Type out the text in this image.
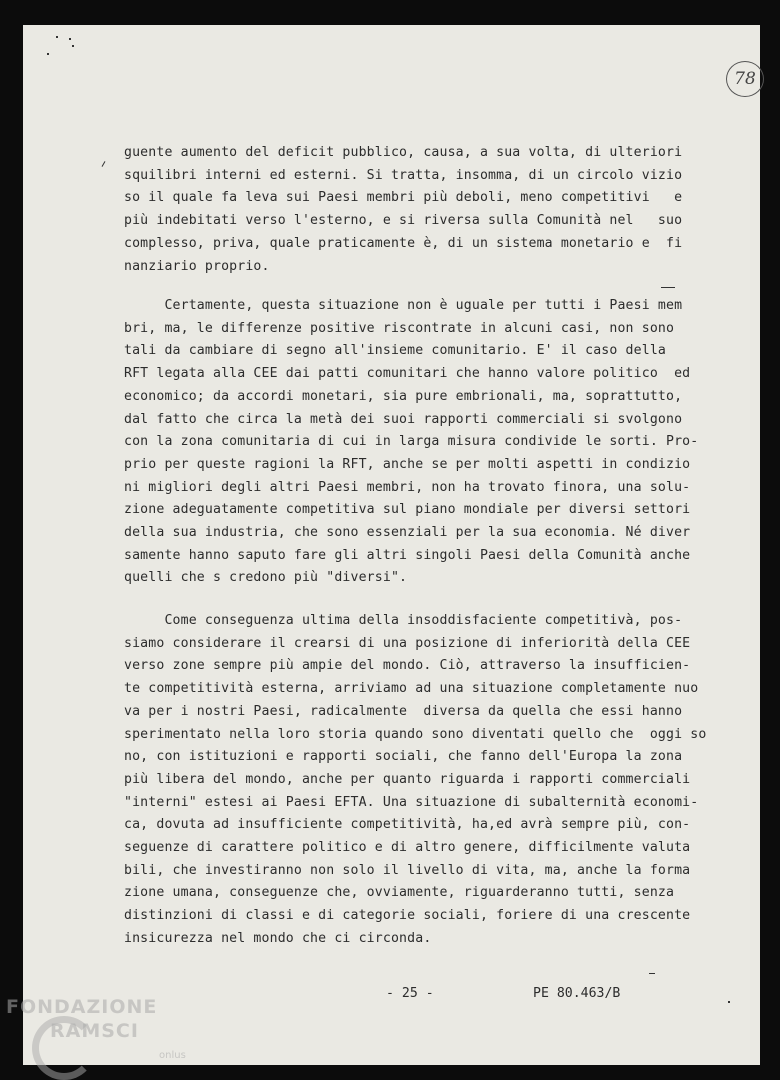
78
guente aumento del deficit pubblico, causa, a sua volta, di ulteriori
squilibri interni ed esterni. Si tratta, insomma, di un circolo vizio
so il quale fa leva sui Paesi membri più deboli, meno competitivi   e
più indebitati verso l'esterno, e si riversa sulla Comunità nel   suo
complesso, priva, quale praticamente è, di un sistema monetario e  fi
nanziario proprio.
Certamente, questa situazione non è uguale per tutti i Paesi mem
bri, ma, le differenze positive riscontrate in alcuni casi, non sono
tali da cambiare di segno all'insieme comunitario. E' il caso della
RFT legata alla CEE dai patti comunitari che hanno valore politico  ed
economico; da accordi monetari, sia pure embrionali, ma, soprattutto,
dal fatto che circa la metà dei suoi rapporti commerciali si svolgono
con la zona comunitaria di cui in larga misura condivide le sorti. Pro-
prio per queste ragioni la RFT, anche se per molti aspetti in condizio
ni migliori degli altri Paesi membri, non ha trovato finora, una solu-
zione adeguatamente competitiva sul piano mondiale per diversi settori
della sua industria, che sono essenziali per la sua economia. Né diver
samente hanno saputo fare gli altri singoli Paesi della Comunità anche
quelli che s credono più "diversi".
Come conseguenza ultima della insoddisfaciente competitivà, pos-
siamo considerare il crearsi di una posizione di inferiorità della CEE
verso zone sempre più ampie del mondo. Ciò, attraverso la insufficien-
te competitività esterna, arriviamo ad una situazione completamente nuo
va per i nostri Paesi, radicalmente  diversa da quella che essi hanno
sperimentato nella loro storia quando sono diventati quello che  oggi so
no, con istituzioni e rapporti sociali, che fanno dell'Europa la zona
più libera del mondo, anche per quanto riguarda i rapporti commerciali
"interni" estesi ai Paesi EFTA. Una situazione di subalternità economi-
ca, dovuta ad insufficiente competitività, ha,ed avrà sempre più, con-
seguenze di carattere politico e di altro genere, difficilmente valuta
bili, che investiranno non solo il livello di vita, ma, anche la forma
zione umana, conseguenze che, ovviamente, riguarderanno tutti, senza
distinzioni di classi e di categorie sociali, foriere di una crescente
insicurezza nel mondo che ci circonda.
- 25 -	PE 80.463/B
FONDAZIONE
RAMSCI
onlus
